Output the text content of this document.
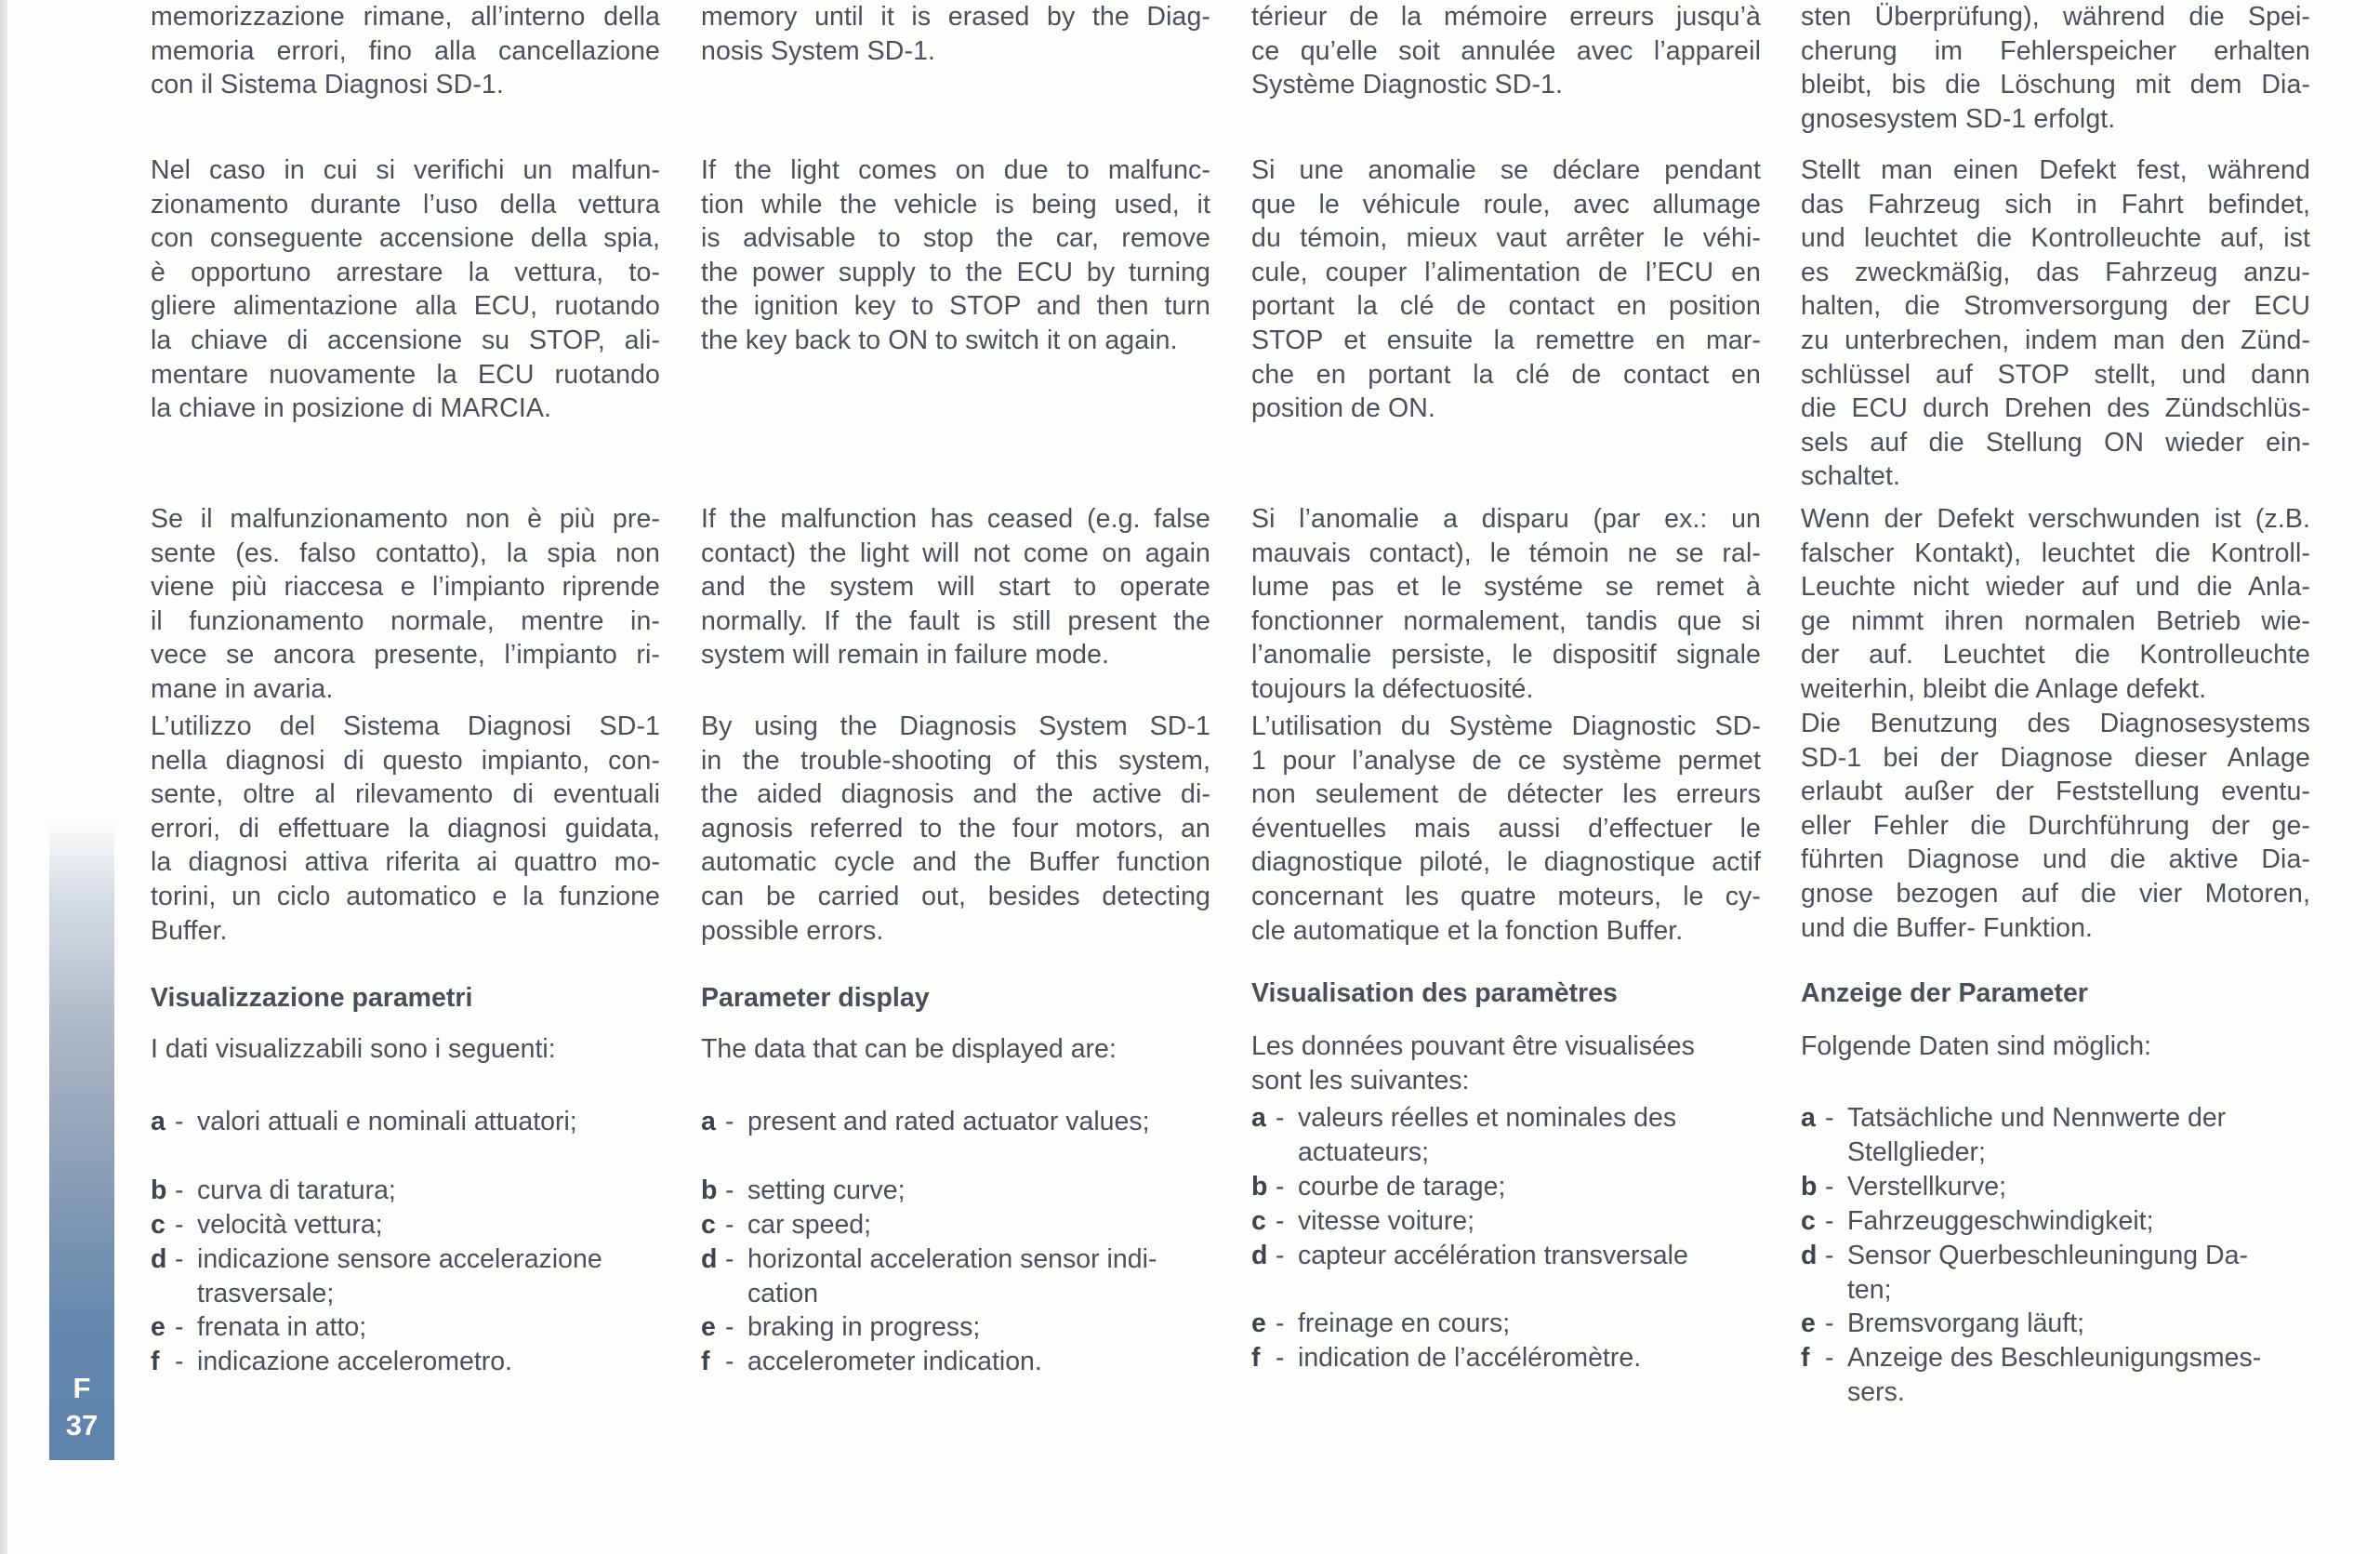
F
37
memorizzazione rimane, all’interno della
memoria errori, fino alla cancellazione
con il Sistema Diagnosi SD-1.
Nel caso in cui si verifichi un malfun-
zionamento durante l’uso della vettura
con conseguente accensione della spia,
è opportuno arrestare la vettura, to-
gliere alimentazione alla ECU, ruotando
la chiave di accensione su STOP, ali-
mentare nuovamente la ECU ruotando
la chiave in posizione di MARCIA.
Se il malfunzionamento non è più pre-
sente (es. falso contatto), la spia non
viene più riaccesa e l’impianto riprende
il funzionamento normale, mentre in-
vece se ancora presente, l’impianto ri-
mane in avaria.
L’utilizzo del Sistema Diagnosi SD-1
nella diagnosi di questo impianto, con-
sente, oltre al rilevamento di eventuali
errori, di effettuare la diagnosi guidata,
la diagnosi attiva riferita ai quattro mo-
torini, un ciclo automatico e la funzione
Buffer.
Visualizzazione parametri
I dati visualizzabili sono i seguenti:
a - valori attuali e nominali attuatori;
b - curva di taratura;
c - velocità vettura;
d - indicazione sensore accelerazione
trasversale;
e - frenata in atto;
f - indicazione accelerometro.
memory until it is erased by the Diag-
nosis System SD-1.
If the light comes on due to malfunc-
tion while the vehicle is being used, it
is advisable to stop the car, remove
the power supply to the ECU by turning
the ignition key to STOP and then turn
the key back to ON to switch it on again.
If the malfunction has ceased (e.g. false
contact) the light will not come on again
and the system will start to operate
normally. If the fault is still present the
system will remain in failure mode.
By using the Diagnosis System SD-1
in the trouble-shooting of this system,
the aided diagnosis and the active di-
agnosis referred to the four motors, an
automatic cycle and the Buffer function
can be carried out, besides detecting
possible errors.
Parameter display
The data that can be displayed are:
a - present and rated actuator values;
b - setting curve;
c - car speed;
d - horizontal acceleration sensor indi-
cation
e - braking in progress;
f - accelerometer indication.
térieur de la mémoire erreurs jusqu’à
ce qu’elle soit annulée avec l’appareil
Système Diagnostic SD-1.
Si une anomalie se déclare pendant
que le véhicule roule, avec allumage
du témoin, mieux vaut arrêter le véhi-
cule, couper l’alimentation de l’ECU en
portant la clé de contact en position
STOP et ensuite la remettre en mar-
che en portant la clé de contact en
position de ON.
Si l’anomalie a disparu (par ex.: un
mauvais contact), le témoin ne se ral-
lume pas et le systéme se remet à
fonctionner normalement, tandis que si
l’anomalie persiste, le dispositif signale
toujours la défectuosité.
L’utilisation du Système Diagnostic SD-
1 pour l’analyse de ce système permet
non seulement de détecter les erreurs
éventuelles mais aussi d’effectuer le
diagnostique piloté, le diagnostique actif
concernant les quatre moteurs, le cy-
cle automatique et la fonction Buffer.
Visualisation des paramètres
Les données pouvant être visualisées
sont les suivantes:
a - valeurs réelles et nominales des
actuateurs;
b - courbe de tarage;
c - vitesse voiture;
d - capteur accélération transversale
e - freinage en cours;
f - indication de l’accéléromètre.
sten Überprüfung), während die Spei-
cherung im Fehlerspeicher erhalten
bleibt, bis die Löschung mit dem Dia-
gnosesystem SD-1 erfolgt.
Stellt man einen Defekt fest, während
das Fahrzeug sich in Fahrt befindet,
und leuchtet die Kontrolleuchte auf, ist
es zweckmäßig, das Fahrzeug anzu-
halten, die Stromversorgung der ECU
zu unterbrechen, indem man den Zünd-
schlüssel auf STOP stellt, und dann
die ECU durch Drehen des Zündschlüs-
sels auf die Stellung ON wieder ein-
schaltet.
Wenn der Defekt verschwunden ist (z.B.
falscher Kontakt), leuchtet die Kontroll-
Leuchte nicht wieder auf und die Anla-
ge nimmt ihren normalen Betrieb wie-
der auf. Leuchtet die Kontrolleuchte
weiterhin, bleibt die Anlage defekt.
Die Benutzung des Diagnosesystems
SD-1 bei der Diagnose dieser Anlage
erlaubt außer der Feststellung eventu-
eller Fehler die Durchführung der ge-
führten Diagnose und die aktive Dia-
gnose bezogen auf die vier Motoren,
und die Buffer- Funktion.
Anzeige der Parameter
Folgende Daten sind möglich:
a - Tatsächliche und Nennwerte der
Stellglieder;
b - Verstellkurve;
c - Fahrzeuggeschwindigkeit;
d - Sensor Querbeschleuningung Da-
ten;
e - Bremsvorgang läuft;
f - Anzeige des Beschleunigungsmes-
sers.
